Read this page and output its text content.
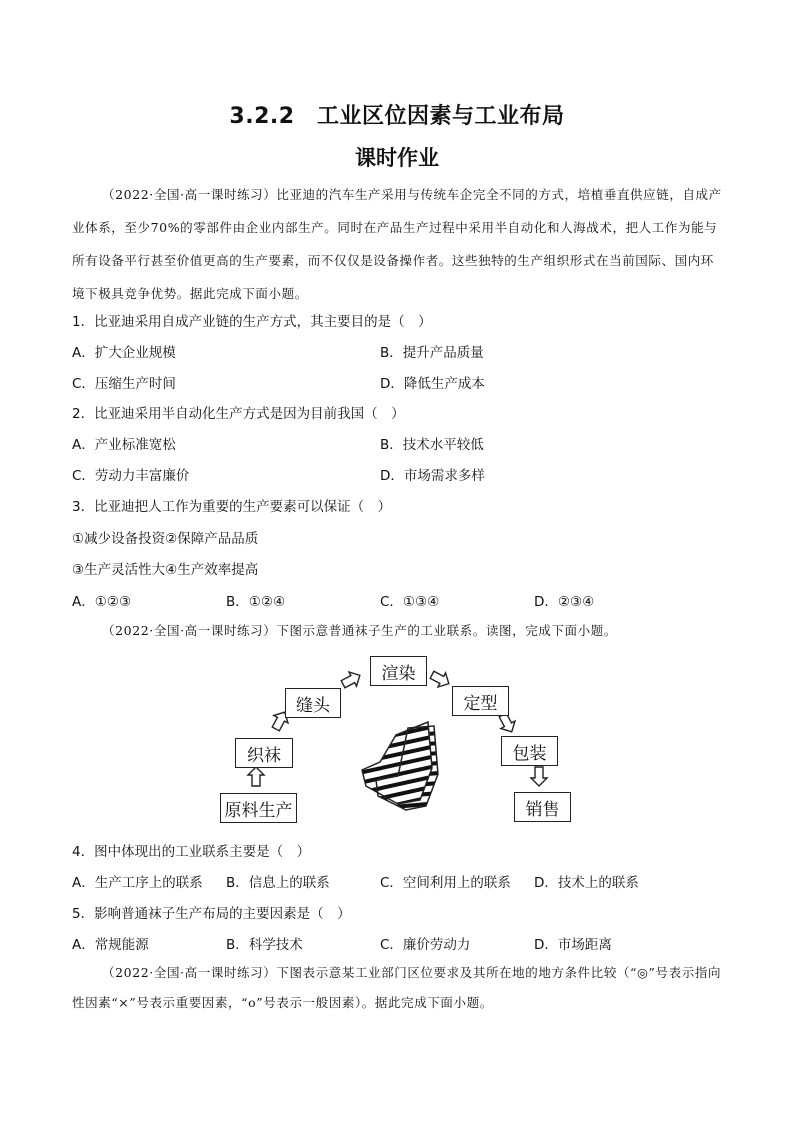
3.2.2　工业区位因素与工业布局
课时作业

（2022·全国·高一课时练习）比亚迪的汽车生产采用与传统车企完全不同的方式，培植垂直供应链，自成产业体系，至少70%的零部件由企业内部生产。同时在产品生产过程中采用半自动化和人海战术，把人工作为能与所有设备平行甚至价值更高的生产要素，而不仅仅是设备操作者。这些独特的生产组织形式在当前国际、国内环境下极具竞争优势。据此完成下面小题。

1．比亚迪采用自成产业链的生产方式，其主要目的是（　）
A．扩大企业规模	B．提升产品质量
C．压缩生产时间	D．降低生产成本
2．比亚迪采用半自动化生产方式是因为目前我国（　）
A．产业标准宽松	B．技术水平较低
C．劳动力丰富廉价	D．市场需求多样
3．比亚迪把人工作为重要的生产要素可以保证（　）
①减少设备投资②保障产品品质
③生产灵活性大④生产效率提高
A．①②③	B．①②④	C．①③④	D．②③④

（2022·全国·高一课时练习）下图示意普通袜子生产的工业联系。读图，完成下面小题。

原料生产
织袜
缝头
渲染
定型
包装
销售
4．图中体现出的工业联系主要是（　）
A．生产工序上的联系 B．信息上的联系	C．空间利用上的联系 D．技术上的联系
5．影响普通袜子生产布局的主要因素是（　）
A．常规能源	B．科学技术	C．廉价劳动力	D．市场距离

（2022·全国·高一课时练习）下图表示意某工业部门区位要求及其所在地的地方条件比较（“◎”号表示指向性因素“×”号表示重要因素，“o”号表示一般因素）。据此完成下面小题。
